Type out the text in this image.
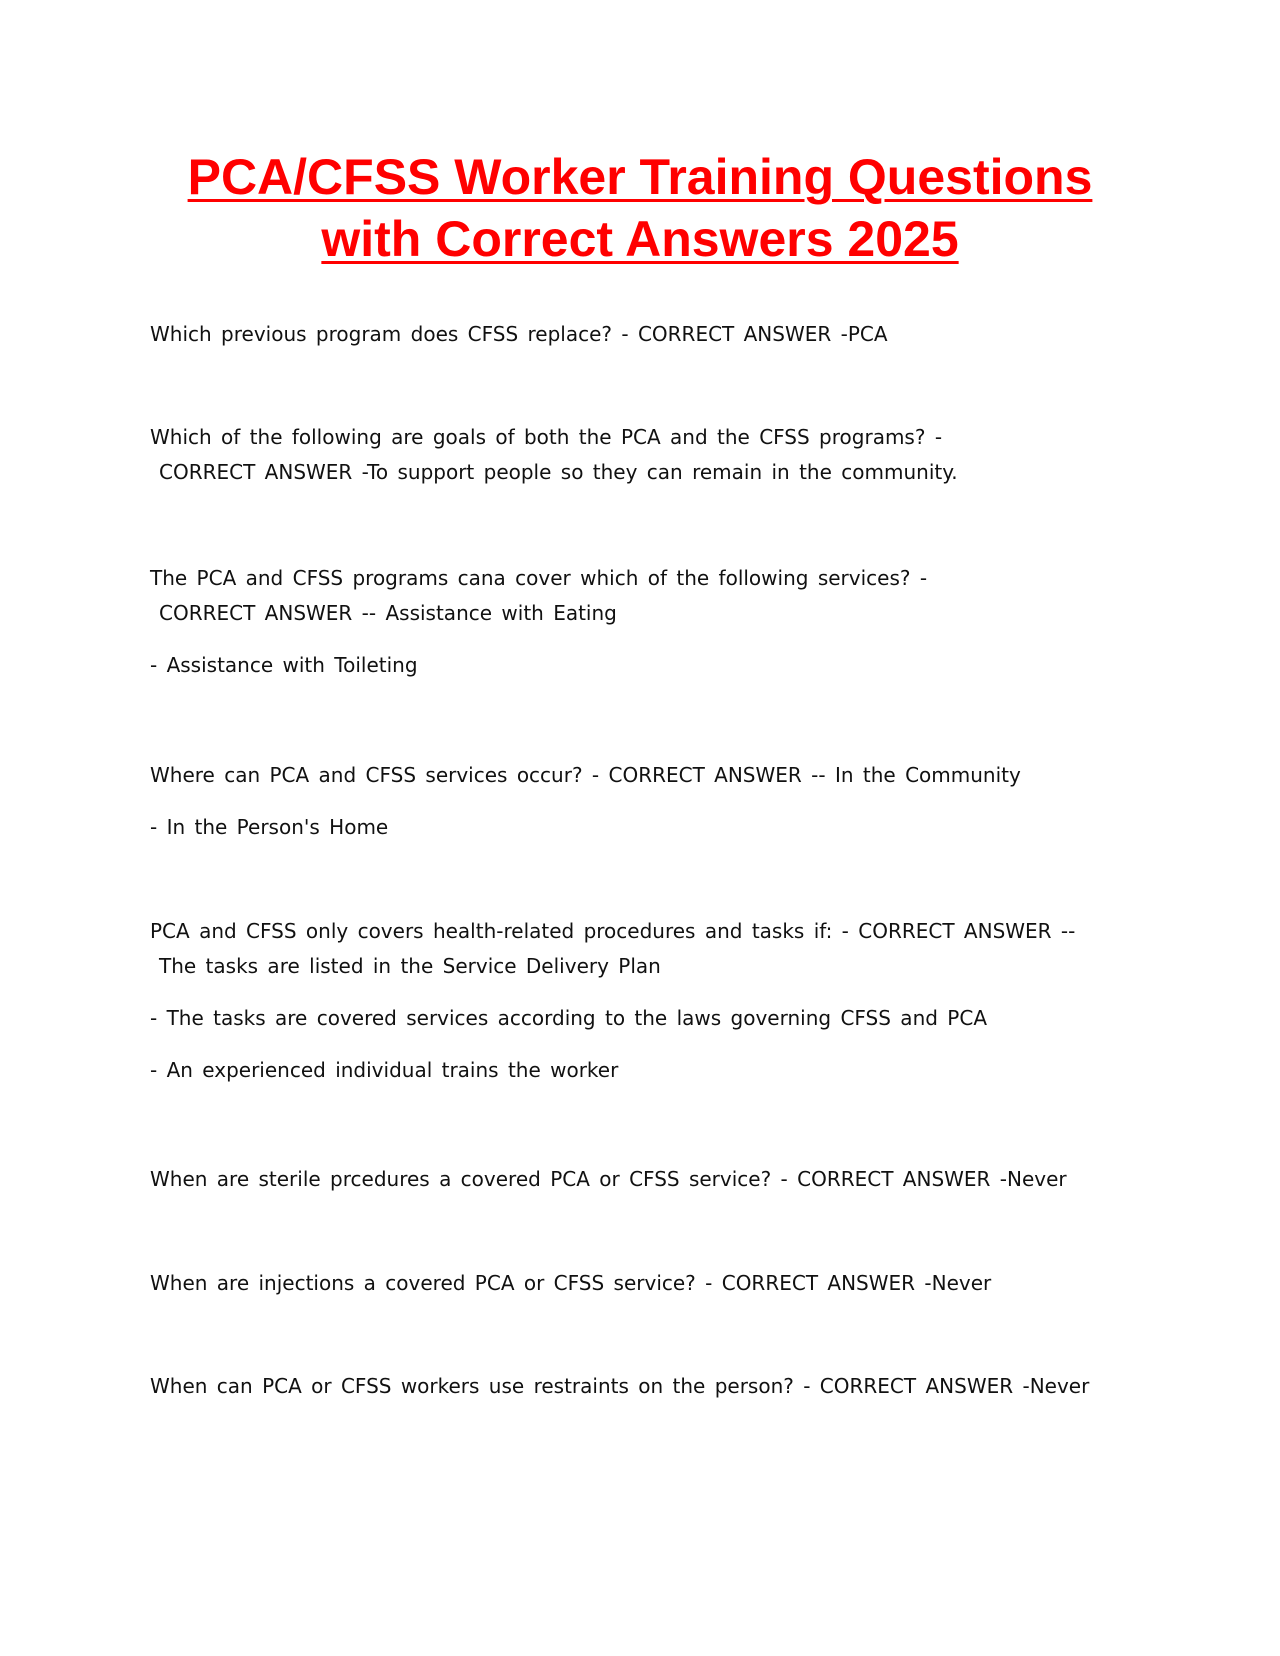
PCA/CFSS Worker Training Questions
with Correct Answers 2025
Which previous program does CFSS replace? - CORRECT ANSWER -PCA
Which of the following are goals of both the PCA and the CFSS programs? -
CORRECT ANSWER -To support people so they can remain in the community.
The PCA and CFSS programs cana cover which of the following services? -
CORRECT ANSWER -- Assistance with Eating
- Assistance with Toileting
Where can PCA and CFSS services occur? - CORRECT ANSWER -- In the Community
- In the Person's Home
PCA and CFSS only covers health-related procedures and tasks if: - CORRECT ANSWER --
The tasks are listed in the Service Delivery Plan
- The tasks are covered services according to the laws governing CFSS and PCA
- An experienced individual trains the worker
When are sterile prcedures a covered PCA or CFSS service? - CORRECT ANSWER -Never
When are injections a covered PCA or CFSS service? - CORRECT ANSWER -Never
When can PCA or CFSS workers use restraints on the person? - CORRECT ANSWER -Never
